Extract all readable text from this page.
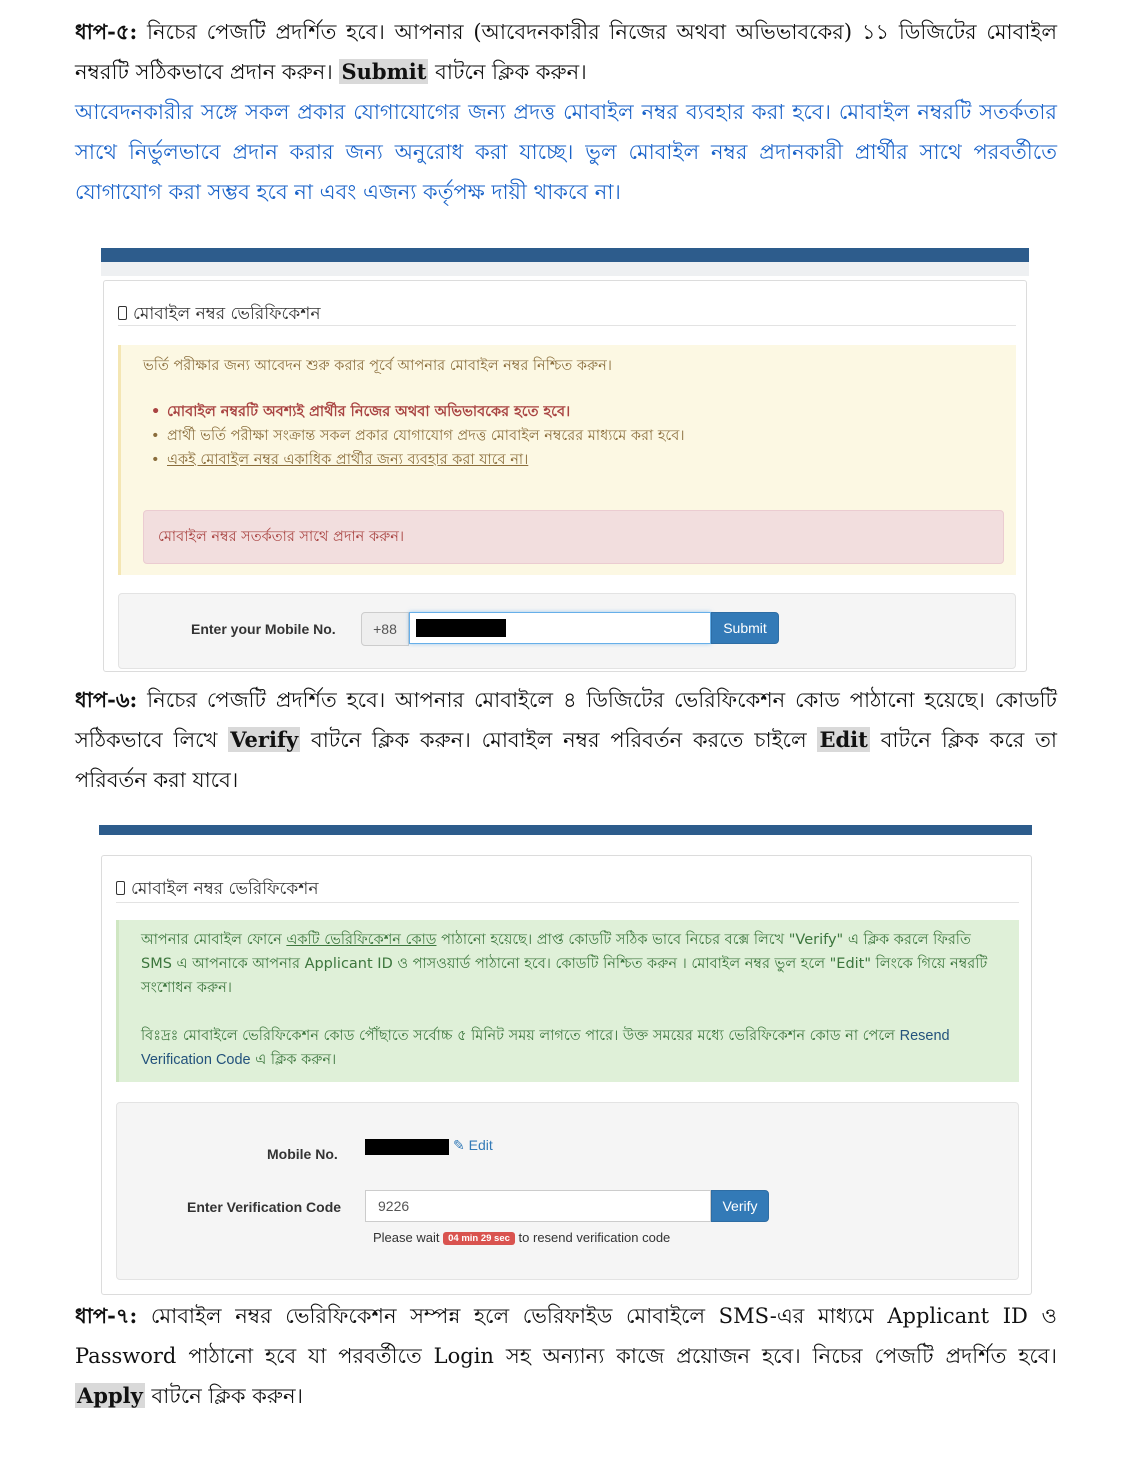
ধাপ-৫: নিচের পেজটি প্রদর্শিত হবে। আপনার (আবেদনকারীর নিজের অথবা অভিভাবকের) ১১ ডিজিটের মোবাইল নম্বরটি সঠিকভাবে প্রদান করুন। Submit বাটনে ক্লিক করুন।
আবেদনকারীর সঙ্গে সকল প্রকার যোগাযোগের জন্য প্রদত্ত মোবাইল নম্বর ব্যবহার করা হবে। মোবাইল নম্বরটি সতর্কতার সাথে নির্ভুলভাবে প্রদান করার জন্য অনুরোধ করা যাচ্ছে। ভুল মোবাইল নম্বর প্রদানকারী প্রার্থীর সাথে পরবর্তীতে যোগাযোগ করা সম্ভব হবে না এবং এজন্য কর্তৃপক্ষ দায়ী থাকবে না।
মোবাইল নম্বর ভেরিফিকেশন
ভর্তি পরীক্ষার জন্য আবেদন শুরু করার পূর্বে আপনার মোবাইল নম্বর নিশ্চিত করুন।
• মোবাইল নম্বরটি অবশ্যই প্রার্থীর নিজের অথবা অভিভাবকের হতে হবে।
• প্রার্থী ভর্তি পরীক্ষা সংক্রান্ত সকল প্রকার যোগাযোগ প্রদত্ত মোবাইল নম্বরের মাধ্যমে করা হবে।
• একই মোবাইল নম্বর একাধিক প্রার্থীর জন্য ব্যবহার করা যাবে না।
মোবাইল নম্বর সতর্কতার সাথে প্রদান করুন।
Enter your Mobile No.	+88	Submit
ধাপ-৬: নিচের পেজটি প্রদর্শিত হবে। আপনার মোবাইলে ৪ ডিজিটের ভেরিফিকেশন কোড পাঠানো হয়েছে। কোডটি সঠিকভাবে লিখে Verify বাটনে ক্লিক করুন। মোবাইল নম্বর পরিবর্তন করতে চাইলে Edit বাটনে ক্লিক করে তা পরিবর্তন করা যাবে।
মোবাইল নম্বর ভেরিফিকেশন
আপনার মোবাইল ফোনে একটি ভেরিফিকেশন কোড পাঠানো হয়েছে। প্রাপ্ত কোডটি সঠিক ভাবে নিচের বক্সে লিখে "Verify" এ ক্লিক করলে ফিরতি SMS এ আপনাকে আপনার Applicant ID ও পাসওয়ার্ড পাঠানো হবে। কোডটি নিশ্চিত করুন । মোবাইল নম্বর ভুল হলে "Edit" লিংকে গিয়ে নম্বরটি সংশোধন করুন।
বিঃদ্রঃ মোবাইলে ভেরিফিকেশন কোড পৌঁছাতে সর্বোচ্চ ৫ মিনিট সময় লাগতে পারে। উক্ত সময়ের মধ্যে ভেরিফিকেশন কোড না পেলে Resend Verification Code এ ক্লিক করুন।
Mobile No.
✎ Edit
Enter Verification Code	9226	Verify
Please wait 04 min 29 sec to resend verification code
ধাপ-৭: মোবাইল নম্বর ভেরিফিকেশন সম্পন্ন হলে ভেরিফাইড মোবাইলে SMS-এর মাধ্যমে Applicant ID ও Password পাঠানো হবে যা পরবর্তীতে Login সহ অন্যান্য কাজে প্রয়োজন হবে। নিচের পেজটি প্রদর্শিত হবে। Apply বাটনে ক্লিক করুন।
